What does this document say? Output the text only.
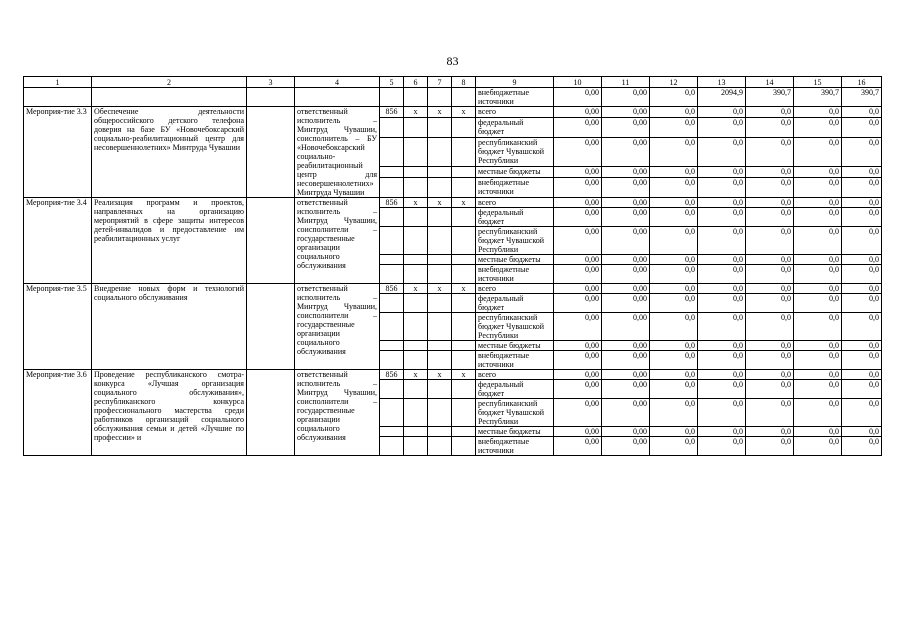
83
1	2	3	4	5	6	7	8	9	10	11	12	13	14	15	16
								внебюджетные источники	0,00	0,00	0,0	2094,9	390,7	390,7	390,7
Мероприя-тие 3.3	Обеспечение деятельности общероссийского детского телефона доверия на базе БУ «Новочебоксарский социально-реабилитационный центр для несовершеннолетних» Минтруда Чувашии		ответственный исполнитель – Минтруд Чувашии, соисполнитель – БУ «Новочебоксарский социально-реабилитационный центр для несовершеннолетних» Минтруда Чувашии	856	x	x	x	всего	0,00	0,00	0,0	0,0	0,0	0,0	0,0
								федеральный бюджет	0,00	0,00	0,0	0,0	0,0	0,0	0,0
								республиканский бюджет Чувашской Республики	0,00	0,00	0,0	0,0	0,0	0,0	0,0
								местные бюджеты	0,00	0,00	0,0	0,0	0,0	0,0	0,0
								внебюджетные источники	0,00	0,00	0,0	0,0	0,0	0,0	0,0
Мероприя-тие 3.4	Реализация программ и проектов, направленных на организацию мероприятий в сфере защиты интересов детей-инвалидов и предоставление им реабилитационных услуг		ответственный исполнитель – Минтруд Чувашии, соисполнители – государственные организации социального обслуживания	856	x	x	x	всего	0,00	0,00	0,0	0,0	0,0	0,0	0,0
								федеральный бюджет	0,00	0,00	0,0	0,0	0,0	0,0	0,0
								республиканский бюджет Чувашской Республики	0,00	0,00	0,0	0,0	0,0	0,0	0,0
								местные бюджеты	0,00	0,00	0,0	0,0	0,0	0,0	0,0
								внебюджетные источники	0,00	0,00	0,0	0,0	0,0	0,0	0,0
Мероприя-тие 3.5	Внедрение новых форм и технологий социального обслуживания		ответственный исполнитель – Минтруд Чувашии, соисполнители – государственные организации социального обслуживания	856	x	x	x	всего	0,00	0,00	0,0	0,0	0,0	0,0	0,0
								федеральный бюджет	0,00	0,00	0,0	0,0	0,0	0,0	0,0
								республиканский бюджет Чувашской Республики	0,00	0,00	0,0	0,0	0,0	0,0	0,0
								местные бюджеты	0,00	0,00	0,0	0,0	0,0	0,0	0,0
								внебюджетные источники	0,00	0,00	0,0	0,0	0,0	0,0	0,0
Мероприя-тие 3.6	Проведение республиканского смотра-конкурса «Лучшая организация социального обслуживания», республиканского конкурса профессионального мастерства среди работников организаций социального обслуживания семьи и детей «Лучшие по профессии» и		ответственный исполнитель – Минтруд Чувашии, соисполнители – государственные организации социального обслуживания	856	x	x	x	всего	0,00	0,00	0,0	0,0	0,0	0,0	0,0
								федеральный бюджет	0,00	0,00	0,0	0,0	0,0	0,0	0,0
								республиканский бюджет Чувашской Республики	0,00	0,00	0,0	0,0	0,0	0,0	0,0
								местные бюджеты	0,00	0,00	0,0	0,0	0,0	0,0	0,0
								внебюджетные источники	0,00	0,00	0,0	0,0	0,0	0,0	0,0
